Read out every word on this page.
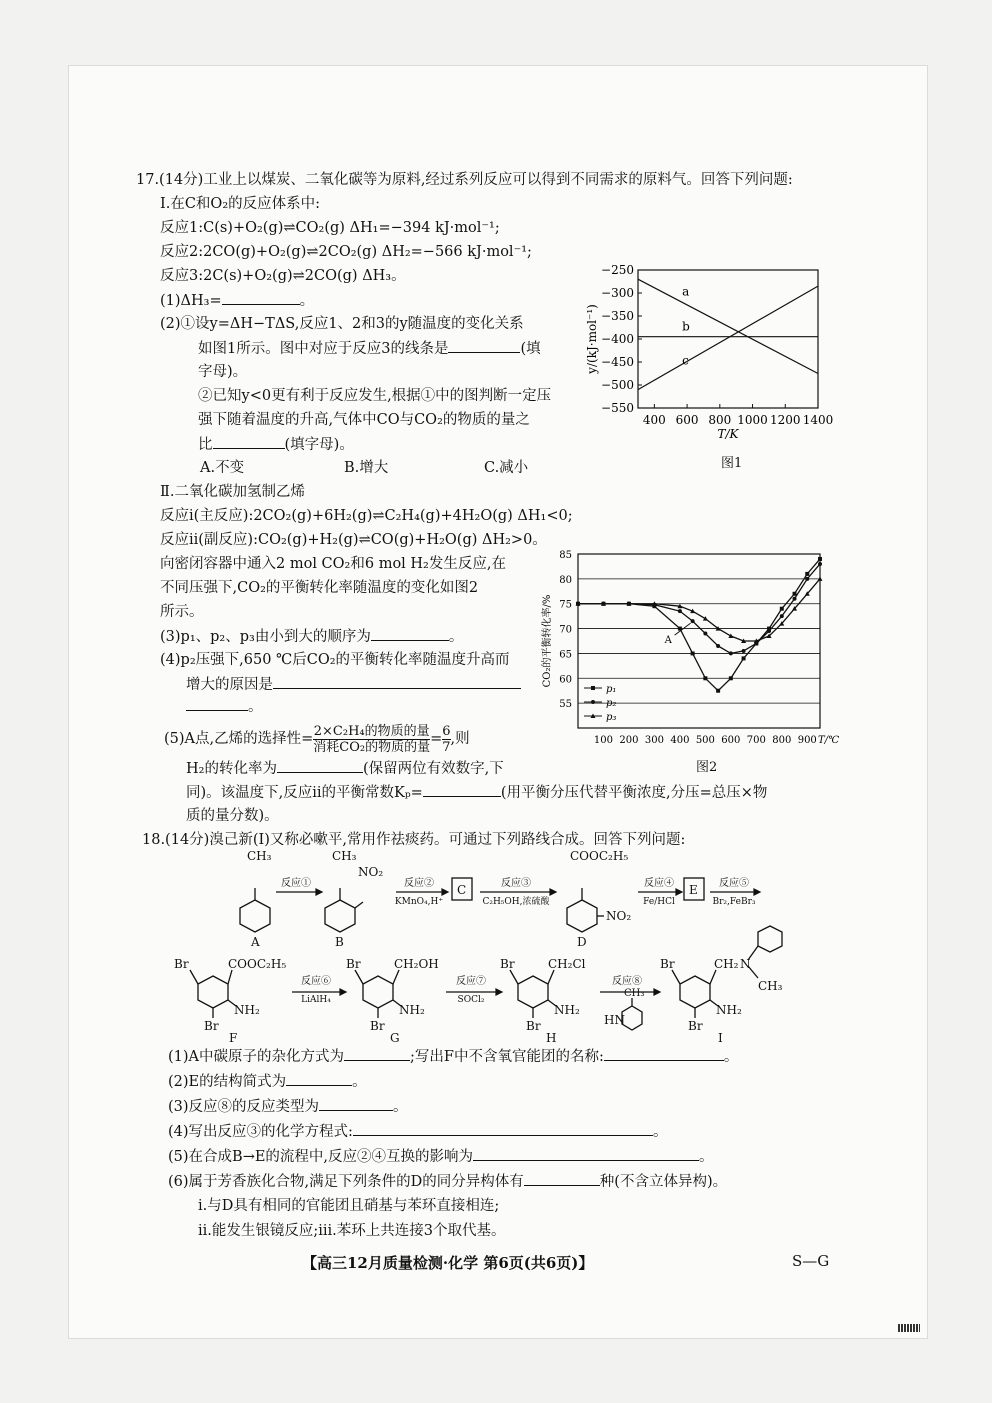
17.(14分)工业上以煤炭、二氧化碳等为原料,经过系列反应可以得到不同需求的原料气。回答下列问题:
Ⅰ.在C和O₂的反应体系中:
反应1:C(s)+O₂(g)⇌CO₂(g) ΔH₁=−394 kJ·mol⁻¹;
反应2:2CO(g)+O₂(g)⇌2CO₂(g) ΔH₂=−566 kJ·mol⁻¹;
反应3:2C(s)+O₂(g)⇌2CO(g) ΔH₃。
(1)ΔH₃=	。
(2)①设y=ΔH−TΔS,反应1、2和3的y随温度的变化关系
如图1所示。图中对应于反应3的线条是	(填
字母)。
②已知y<0更有利于反应发生,根据①中的图判断一定压
强下随着温度的升高,气体中CO与CO₂的物质的量之
比	(填字母)。
A.不变	B.增大	C.减小
−250
−300
−350
−400
−450
−500
−550
400 600 800 1000 1200 1400
a
b
c
T/K
y/(kJ·mol⁻¹)
图1
Ⅱ.二氧化碳加氢制乙烯
反应ⅰ(主反应):2CO₂(g)+6H₂(g)⇌C₂H₄(g)+4H₂O(g) ΔH₁<0;
反应ⅱ(副反应):CO₂(g)+H₂(g)⇌CO(g)+H₂O(g) ΔH₂>0。
向密闭容器中通入2 mol CO₂和6 mol H₂发生反应,在
不同压强下,CO₂的平衡转化率随温度的变化如图2
所示。
(3)p₁、p₂、p₃由小到大的顺序为	。
(4)p₂压强下,650 ℃后CO₂的平衡转化率随温度升高而
增大的原因是
。
(5)A点,乙烯的选择性= $\frac{\text{2×C₂H₄的物质的量}}{\text{消耗CO₂的物质的量}} = \frac{6}{7}$ ,则
H₂的转化率为	(保留两位有效数字,下
同)。该温度下,反应ⅱ的平衡常数Kₚ=	(用平衡分压代替平衡浓度,分压=总压×物
质的量分数)。
85
80
75
70
65
60
55
100 200 300 400 500 600 700 800 900 T/℃
CO₂的平衡转化率/%	A
p₁
p₂
p₃
图2
18.(14分)溴己新(I)又称必嗽平,常用作祛痰药。可通过下列路线合成。回答下列问题:
CH₃
A
CH₃
NO₂
B
C
COOC₂H₅
NO₂
D
E
Br	COOC₂H₅
NH₂
Br
F
Br	CH₂OH
NH₂
Br
G
Br	CH₂Cl
NH₂
Br
H
Br	CH₂ N
CH₃
NH₂
Br
I
HN
CH₃
反应①	反应②
KMnO₄,H⁺
反应③
C₂H₅OH,浓硫酸
反应④
Fe/HCl
反应⑤
Br₂,FeBr₃
反应⑥
LiAlH₄
反应⑦
SOCl₂
反应⑧
(1)A中碳原子的杂化方式为	;写出F中不含氧官能团的名称:	。
(2)E的结构简式为	。
(3)反应⑧的反应类型为	。
(4)写出反应③的化学方程式:	。
(5)在合成B→E的流程中,反应②④互换的影响为	。
(6)属于芳香族化合物,满足下列条件的D的同分异构体有	种(不含立体异构)。
ⅰ.与D具有相同的官能团且硝基与苯环直接相连;
ⅱ.能发生银镜反应;ⅲ.苯环上共连接3个取代基。
【高三12月质量检测·化学 第6页(共6页)】	S—G
